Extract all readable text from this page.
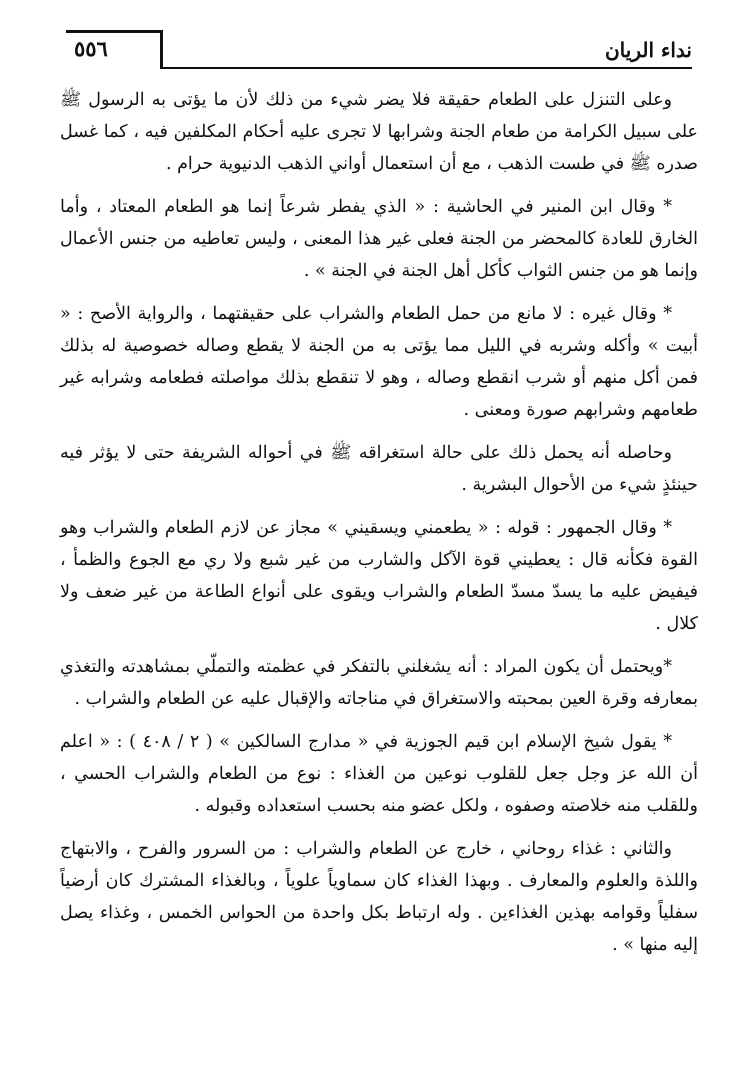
٥٥٦	نداء الريان

وعلى التنزل على الطعام حقيقة فلا يضر شيء من ذلك لأن ما يؤتى به الرسول ﷺ على سبيل الكرامة من طعام الجنة وشرابها لا تجرى عليه أحكام المكلفين فيه ، كما غسل صدره ﷺ في طست الذهب ، مع أن استعمال أواني الذهب الدنيوية حرام .

* وقال ابن المنير في الحاشية : « الذي يفطر شرعاً إنما هو الطعام المعتاد ، وأما الخارق للعادة كالمحضر من الجنة فعلى غير هذا المعنى ، وليس تعاطيه من جنس الأعمال وإنما هو من جنس الثواب كأكل أهل الجنة في الجنة » .

* وقال غيره : لا مانع من حمل الطعام والشراب على حقيقتهما ، والرواية الأصح : « أبيت » وأكله وشربه في الليل مما يؤتى به من الجنة لا يقطع وصاله خصوصية له بذلك فمن أكل منهم أو شرب انقطع وصاله ، وهو لا تنقطع بذلك مواصلته فطعامه وشرابه غير طعامهم وشرابهم صورة ومعنى .

وحاصله أنه يحمل ذلك على حالة استغراقه ﷺ في أحواله الشريفة حتى لا يؤثر فيه حينئذٍ شيء من الأحوال البشرية .

* وقال الجمهور : قوله : « يطعمني ويسقيني » مجاز عن لازم الطعام والشراب وهو القوة فكأنه قال : يعطيني قوة الآكل والشارب من غير شبع ولا ري مع الجوع والظمأ ، فيفيض عليه ما يسدّ مسدّ الطعام والشراب ويقوى على أنواع الطاعة من غير ضعف ولا كلال .

*ويحتمل أن يكون المراد : أنه يشغلني بالتفكر في عظمته والتملّي بمشاهدته والتغذي بمعارفه وقرة العين بمحبته والاستغراق في مناجاته والإقبال عليه عن الطعام والشراب .

* يقول شيخ الإسلام ابن قيم الجوزية في « مدارج السالكين » ( ٢ / ٤٠٨ ) : « اعلم أن الله عز وجل جعل للقلوب نوعين من الغذاء : نوع من الطعام والشراب الحسي ، وللقلب منه خلاصته وصفوه ، ولكل عضو منه بحسب استعداده وقبوله .

والثاني : غذاء روحاني ، خارج عن الطعام والشراب : من السرور والفرح ، والابتهاج واللذة والعلوم والمعارف . وبهذا الغذاء كان سماوياً علوياً ، وبالغذاء المشترك كان أرضياً سفلياً وقوامه بهذين الغذاءين . وله ارتباط بكل واحدة من الحواس الخمس ، وغذاء يصل إليه منها » .
